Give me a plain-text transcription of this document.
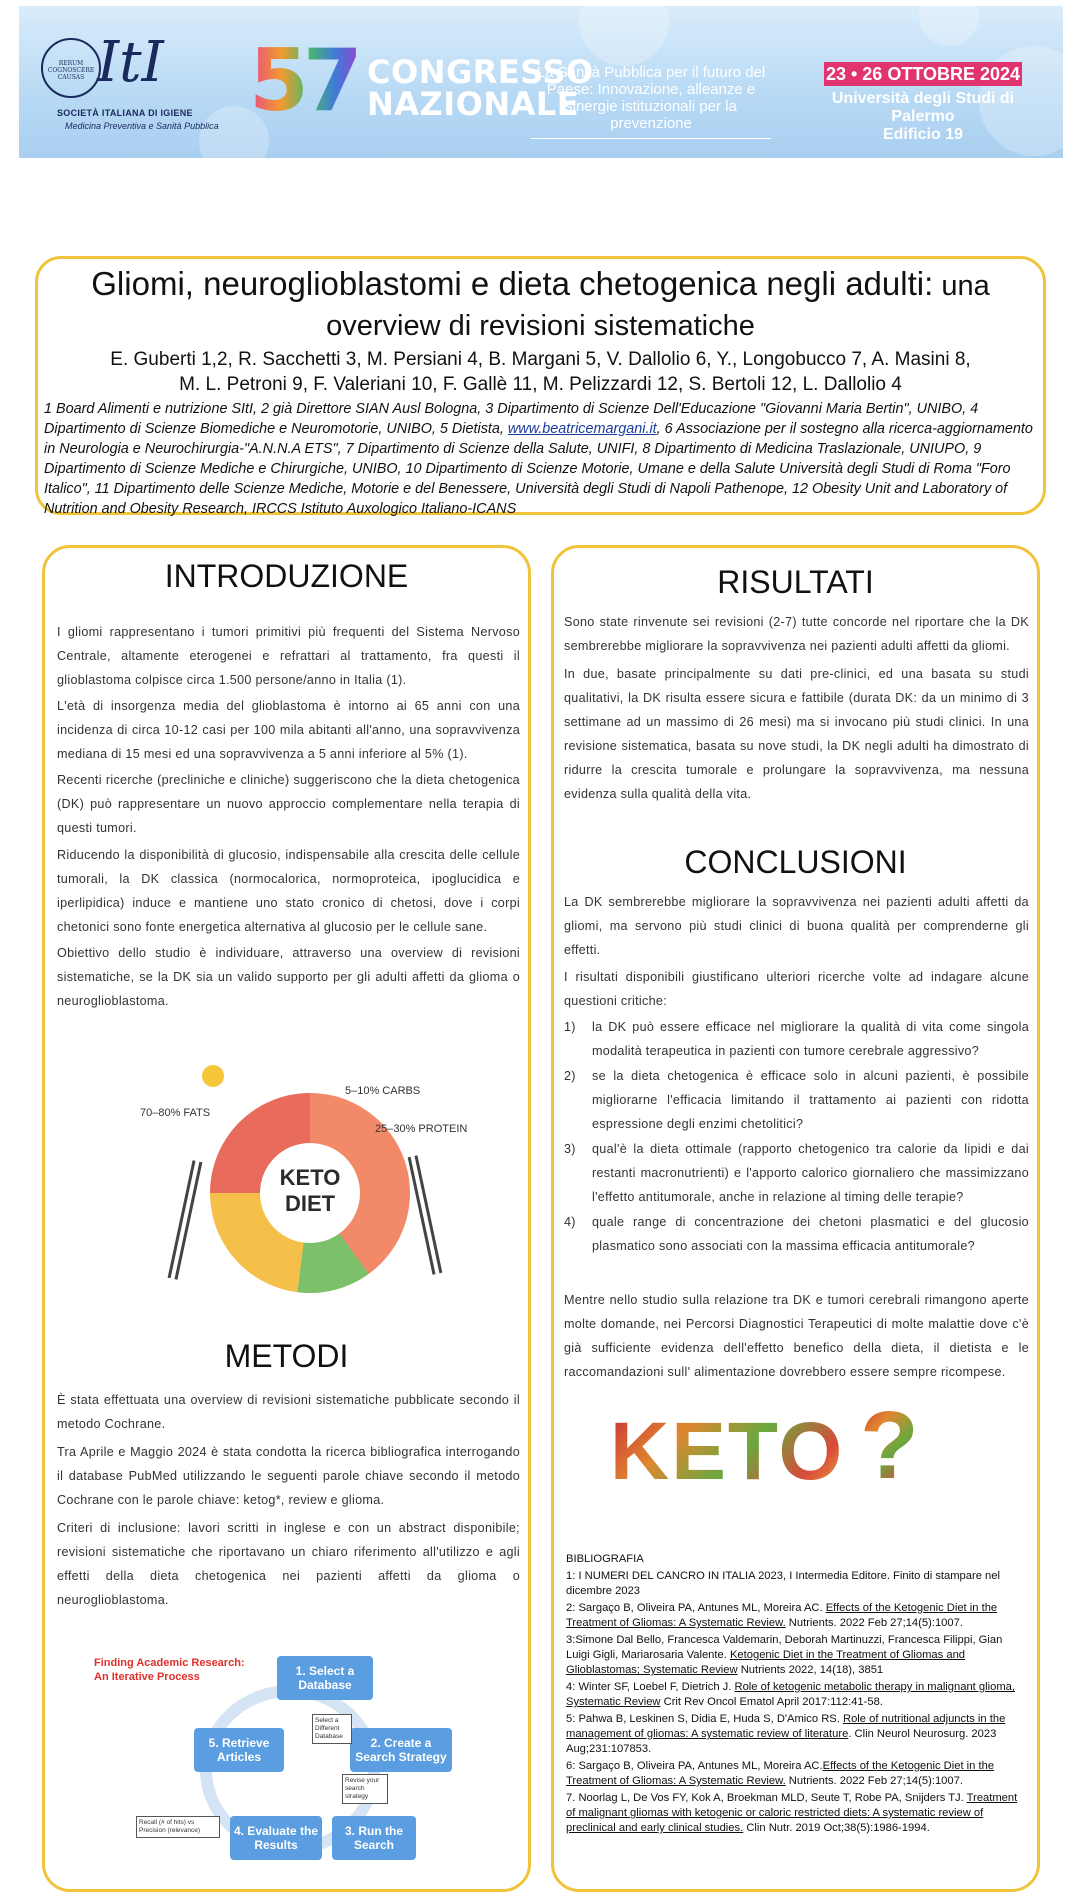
RERUM COGNOSCERE CAUSAS ItI
SOCIETÀ ITALIANA DI IGIENE
Medicina Preventiva e Sanità Pubblica 57 CONGRESSO
NAZIONALE
La Sanità Pubblica per il futuro del Paese: Innovazione, alleanze e sinergie istituzionali per la prevenzione
23 • 26 OTTOBRE 2024
Università degli Studi di Palermo
Edificio 19
Gliomi, neuroglioblastomi e dieta chetogenica negli adulti: una
overview di revisioni sistematiche
E. Guberti 1,2, R. Sacchetti 3, M. Persiani 4, B. Margani 5, V. Dallolio 6, Y., Longobucco 7, A. Masini 8,
M. L. Petroni 9, F. Valeriani 10, F. Gallè 11, M. Pelizzardi 12, S. Bertoli 12, L. Dallolio 4
1 Board Alimenti e nutrizione SItI, 2 già Direttore SIAN Ausl Bologna, 3 Dipartimento di Scienze Dell'Educazione "Giovanni Maria Bertin", UNIBO, 4 Dipartimento di Scienze Biomediche e Neuromotorie, UNIBO, 5 Dietista, www.beatricemargani.it, 6 Associazione per il sostegno alla ricerca-aggiornamento in Neurologia e Neurochirurgia-"A.N.N.A ETS", 7 Dipartimento di Scienze della Salute, UNIFI, 8 Dipartimento di Medicina Traslazionale, UNIUPO, 9 Dipartimento di Scienze Mediche e Chirurgiche, UNIBO, 10 Dipartimento di Scienze Motorie, Umane e della Salute Università degli Studi di Roma "Foro Italico", 11 Dipartimento delle Scienze Mediche, Motorie e del Benessere, Università degli Studi di Napoli Pathenope, 12 Obesity Unit and Laboratory of Nutrition and Obesity Research, IRCCS Istituto Auxologico Italiano-ICANS
INTRODUZIONE
I gliomi rappresentano i tumori primitivi più frequenti del Sistema Nervoso Centrale, altamente eterogenei e refrattari al trattamento, fra questi il glioblastoma colpisce circa 1.500 persone/anno in Italia (1).
L'età di insorgenza media del glioblastoma è intorno ai 65 anni con una incidenza di circa 10-12 casi per 100 mila abitanti all'anno, una sopravvivenza mediana di 15 mesi ed una sopravvivenza a 5 anni inferiore al 5% (1).
Recenti ricerche (precliniche e cliniche) suggeriscono che la dieta chetogenica (DK) può rappresentare un nuovo approccio complementare nella terapia di questi tumori.
Riducendo la disponibilità di glucosio, indispensabile alla crescita delle cellule tumorali, la DK classica (normocalorica, normoproteica, ipoglucidica e iperlipidica) induce e mantiene uno stato cronico di chetosi, dove i corpi chetonici sono fonte energetica alternativa al glucosio per le cellule sane.
Obiettivo dello studio è individuare, attraverso una overview di revisioni sistematiche, se la DK sia un valido supporto per gli adulti affetti da glioma o neuroglioblastoma.
METODI
È stata effettuata una overview di revisioni sistematiche pubblicate secondo il metodo Cochrane.
Tra Aprile e Maggio 2024 è stata condotta la ricerca bibliografica interrogando il database PubMed utilizzando le seguenti parole chiave secondo il metodo Cochrane con le parole chiave: ketog*, review e glioma.
Criteri di inclusione: lavori scritti in inglese e con un abstract disponibile; revisioni sistematiche che riportavano un chiaro riferimento all'utilizzo e agli effetti della dieta chetogenica nei pazienti affetti da glioma o neuroglioblastoma.
KETO
DIET
70–80% FATS
5–10% CARBS
25–30% PROTEIN
Finding Academic Research:
An Iterative Process	1. Select a Database
2. Create a Search Strategy
3. Run the Search
4. Evaluate the Results
5. Retrieve Articles
Select a Different Database
Revise your search strategy
Recall (# of hits) vs Precision (relevance)
RISULTATI
Sono state rinvenute sei revisioni (2-7) tutte concorde nel riportare che la DK sembrerebbe migliorare la sopravvivenza nei pazienti adulti affetti da gliomi.
In due, basate principalmente su dati pre-clinici, ed una basata su studi qualitativi, la DK risulta essere sicura e fattibile (durata DK: da un minimo di 3 settimane ad un massimo di 26 mesi) ma si invocano più studi clinici. In una revisione sistematica, basata su nove studi, la DK negli adulti ha dimostrato di ridurre la crescita tumorale e prolungare la sopravvivenza, ma nessuna evidenza sulla qualità della vita.
CONCLUSIONI
La DK sembrerebbe migliorare la sopravvivenza nei pazienti adulti affetti da gliomi, ma servono più studi clinici di buona qualità per comprenderne gli effetti.
I risultati disponibili giustificano ulteriori ricerche volte ad indagare alcune questioni critiche:
1)	la DK può essere efficace nel migliorare la qualità di vita come singola modalità terapeutica in pazienti con tumore cerebrale aggressivo?
2)	se la dieta chetogenica è efficace solo in alcuni pazienti, è possibile migliorarne l'efficacia limitando il trattamento ai pazienti con ridotta espressione degli enzimi chetolitici?
3)	qual'è la dieta ottimale (rapporto chetogenico tra calorie da lipidi e dai restanti macronutrienti) e l'apporto calorico giornaliero che massimizzano l'effetto antitumorale, anche in relazione al timing delle terapie?
4)	quale range di concentrazione dei chetoni plasmatici e del glucosio plasmatico sono associati con la massima efficacia antitumorale?
Mentre nello studio sulla relazione tra DK e tumori cerebrali rimangono aperte molte domande, nei Percorsi Diagnostici Terapeutici di molte malattie dove c'è già sufficiente evidenza dell'effetto benefico della dieta, il dietista e le raccomandazioni sull' alimentazione dovrebbero essere sempre ricompese.
KETO ?
BIBLIOGRAFIA
1: I NUMERI DEL CANCRO IN ITALIA 2023, I Intermedia Editore. Finito di stampare nel dicembre 2023
2: Sargaço B, Oliveira PA, Antunes ML, Moreira AC. Effects of the Ketogenic Diet in the Treatment of Gliomas: A Systematic Review. Nutrients. 2022 Feb 27;14(5):1007.
3:Simone Dal Bello, Francesca Valdemarin, Deborah Martinuzzi, Francesca Filippi, Gian Luigi Gigli, Mariarosaria Valente. Ketogenic Diet in the Treatment of Gliomas and Glioblastomas; Systematic Review Nutrients 2022, 14(18), 3851
4: Winter SF, Loebel F, Dietrich J. Role of ketogenic metabolic therapy in malignant glioma, Systematic Review Crit Rev Oncol Ematol April 2017:112:41-58.
5: Pahwa B, Leskinen S, Didia E, Huda S, D'Amico RS. Role of nutritional adjuncts in the management of gliomas: A systematic review of literature. Clin Neurol Neurosurg. 2023 Aug;231:107853.
6: Sargaço B, Oliveira PA, Antunes ML, Moreira AC.Effects of the Ketogenic Diet in the Treatment of Gliomas: A Systematic Review. Nutrients. 2022 Feb 27;14(5):1007.
7. Noorlag L, De Vos FY, Kok A, Broekman MLD, Seute T, Robe PA, Snijders TJ. Treatment of malignant gliomas with ketogenic or caloric restricted diets: A systematic review of preclinical and early clinical studies. Clin Nutr. 2019 Oct;38(5):1986-1994.
